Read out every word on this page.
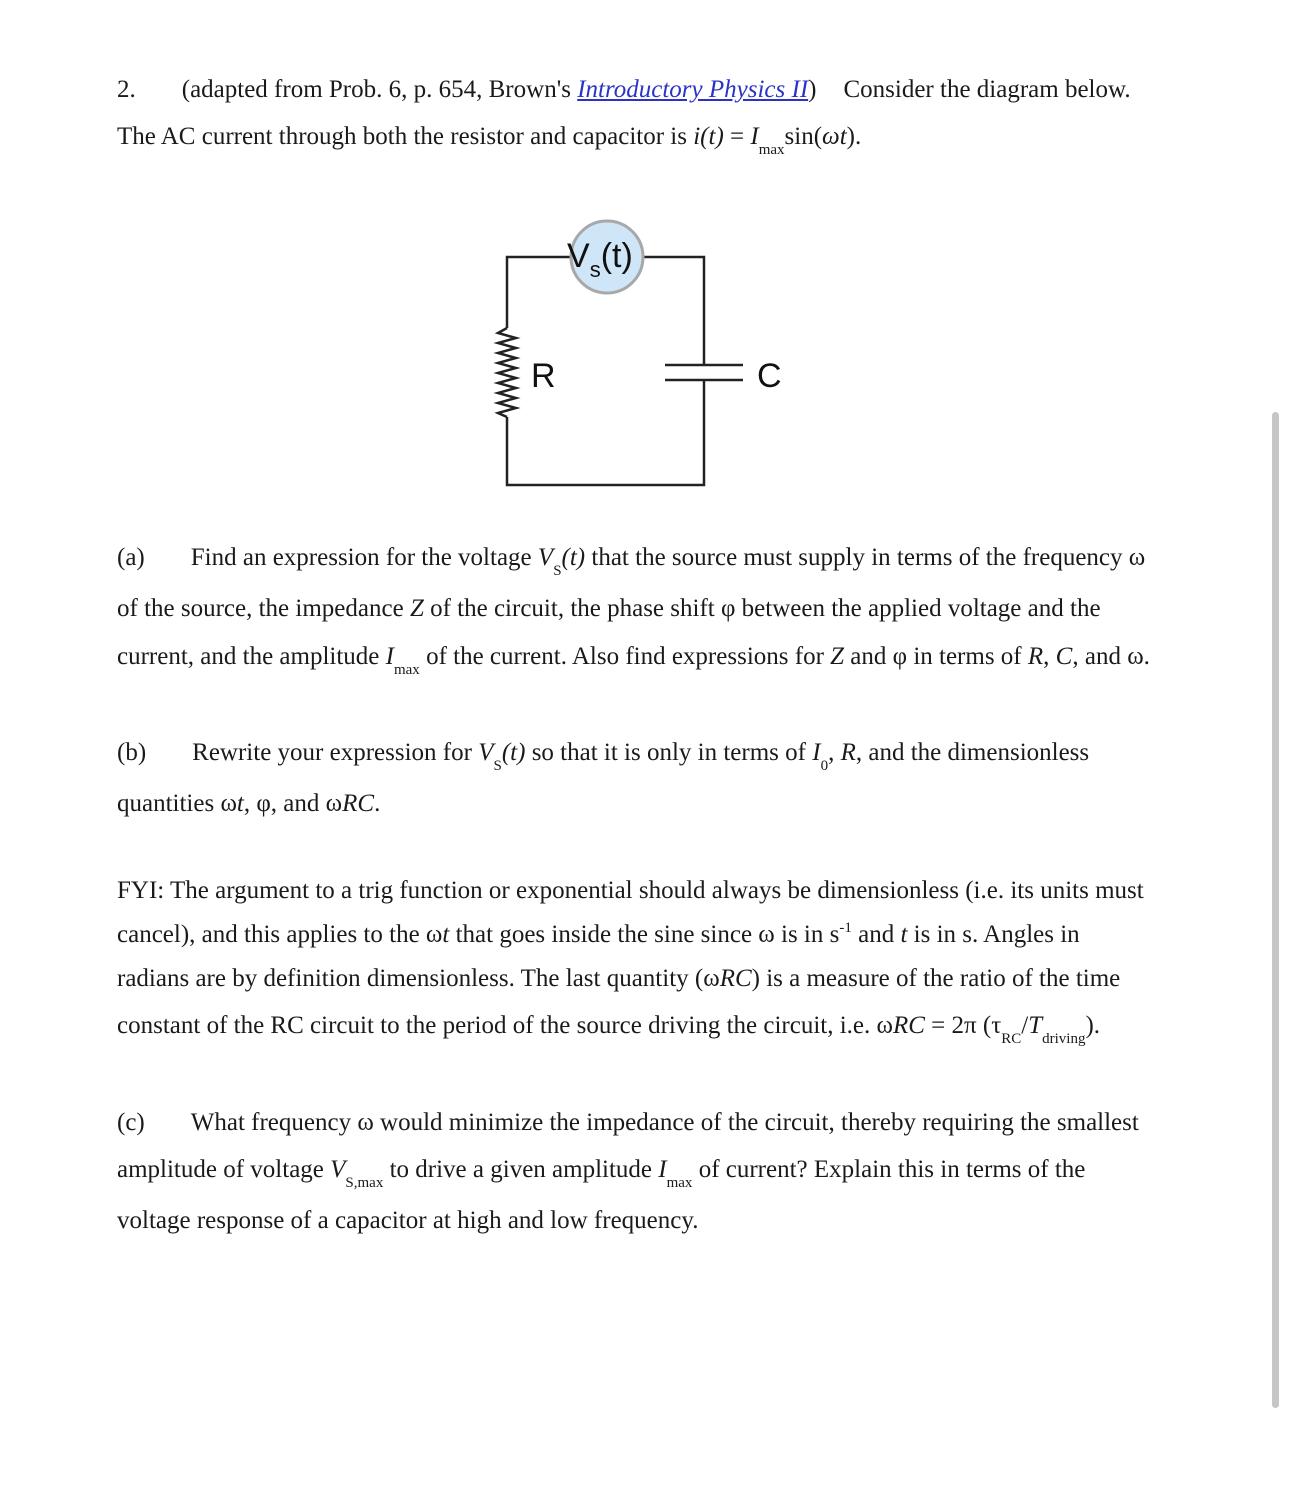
2. (adapted from Prob. 6, p. 654, Brown's Introductory Physics II) Consider the diagram below.
The AC current through both the resistor and capacitor is $i(t) = I_{max}\sin(\omega t)$.
$V_s(t)$
R	C
(a) Find an expression for the voltage $V_S(t)$ that the source must supply in terms of the frequency ω
of the source, the impedance Z of the circuit, the phase shift φ between the applied voltage and the
current, and the amplitude $I_{max}$ of the current. Also find expressions for Z and φ in terms of R, C, and ω.
(b) Rewrite your expression for $V_S(t)$ so that it is only in terms of $I_0$, R, and the dimensionless
quantities ωt, φ, and ωRC.
FYI: The argument to a trig function or exponential should always be dimensionless (i.e. its units must
cancel), and this applies to the ωt that goes inside the sine since ω is in $s^{-1}$ and t is in s. Angles in
radians are by definition dimensionless. The last quantity (ωRC) is a measure of the ratio of the time
constant of the RC circuit to the period of the source driving the circuit, i.e. ωRC = 2π $(\tau_{RC}/T_{driving})$.
(c) What frequency ω would minimize the impedance of the circuit, thereby requiring the smallest
amplitude of voltage $V_{S,max}$ to drive a given amplitude $I_{max}$ of current? Explain this in terms of the
voltage response of a capacitor at high and low frequency.
